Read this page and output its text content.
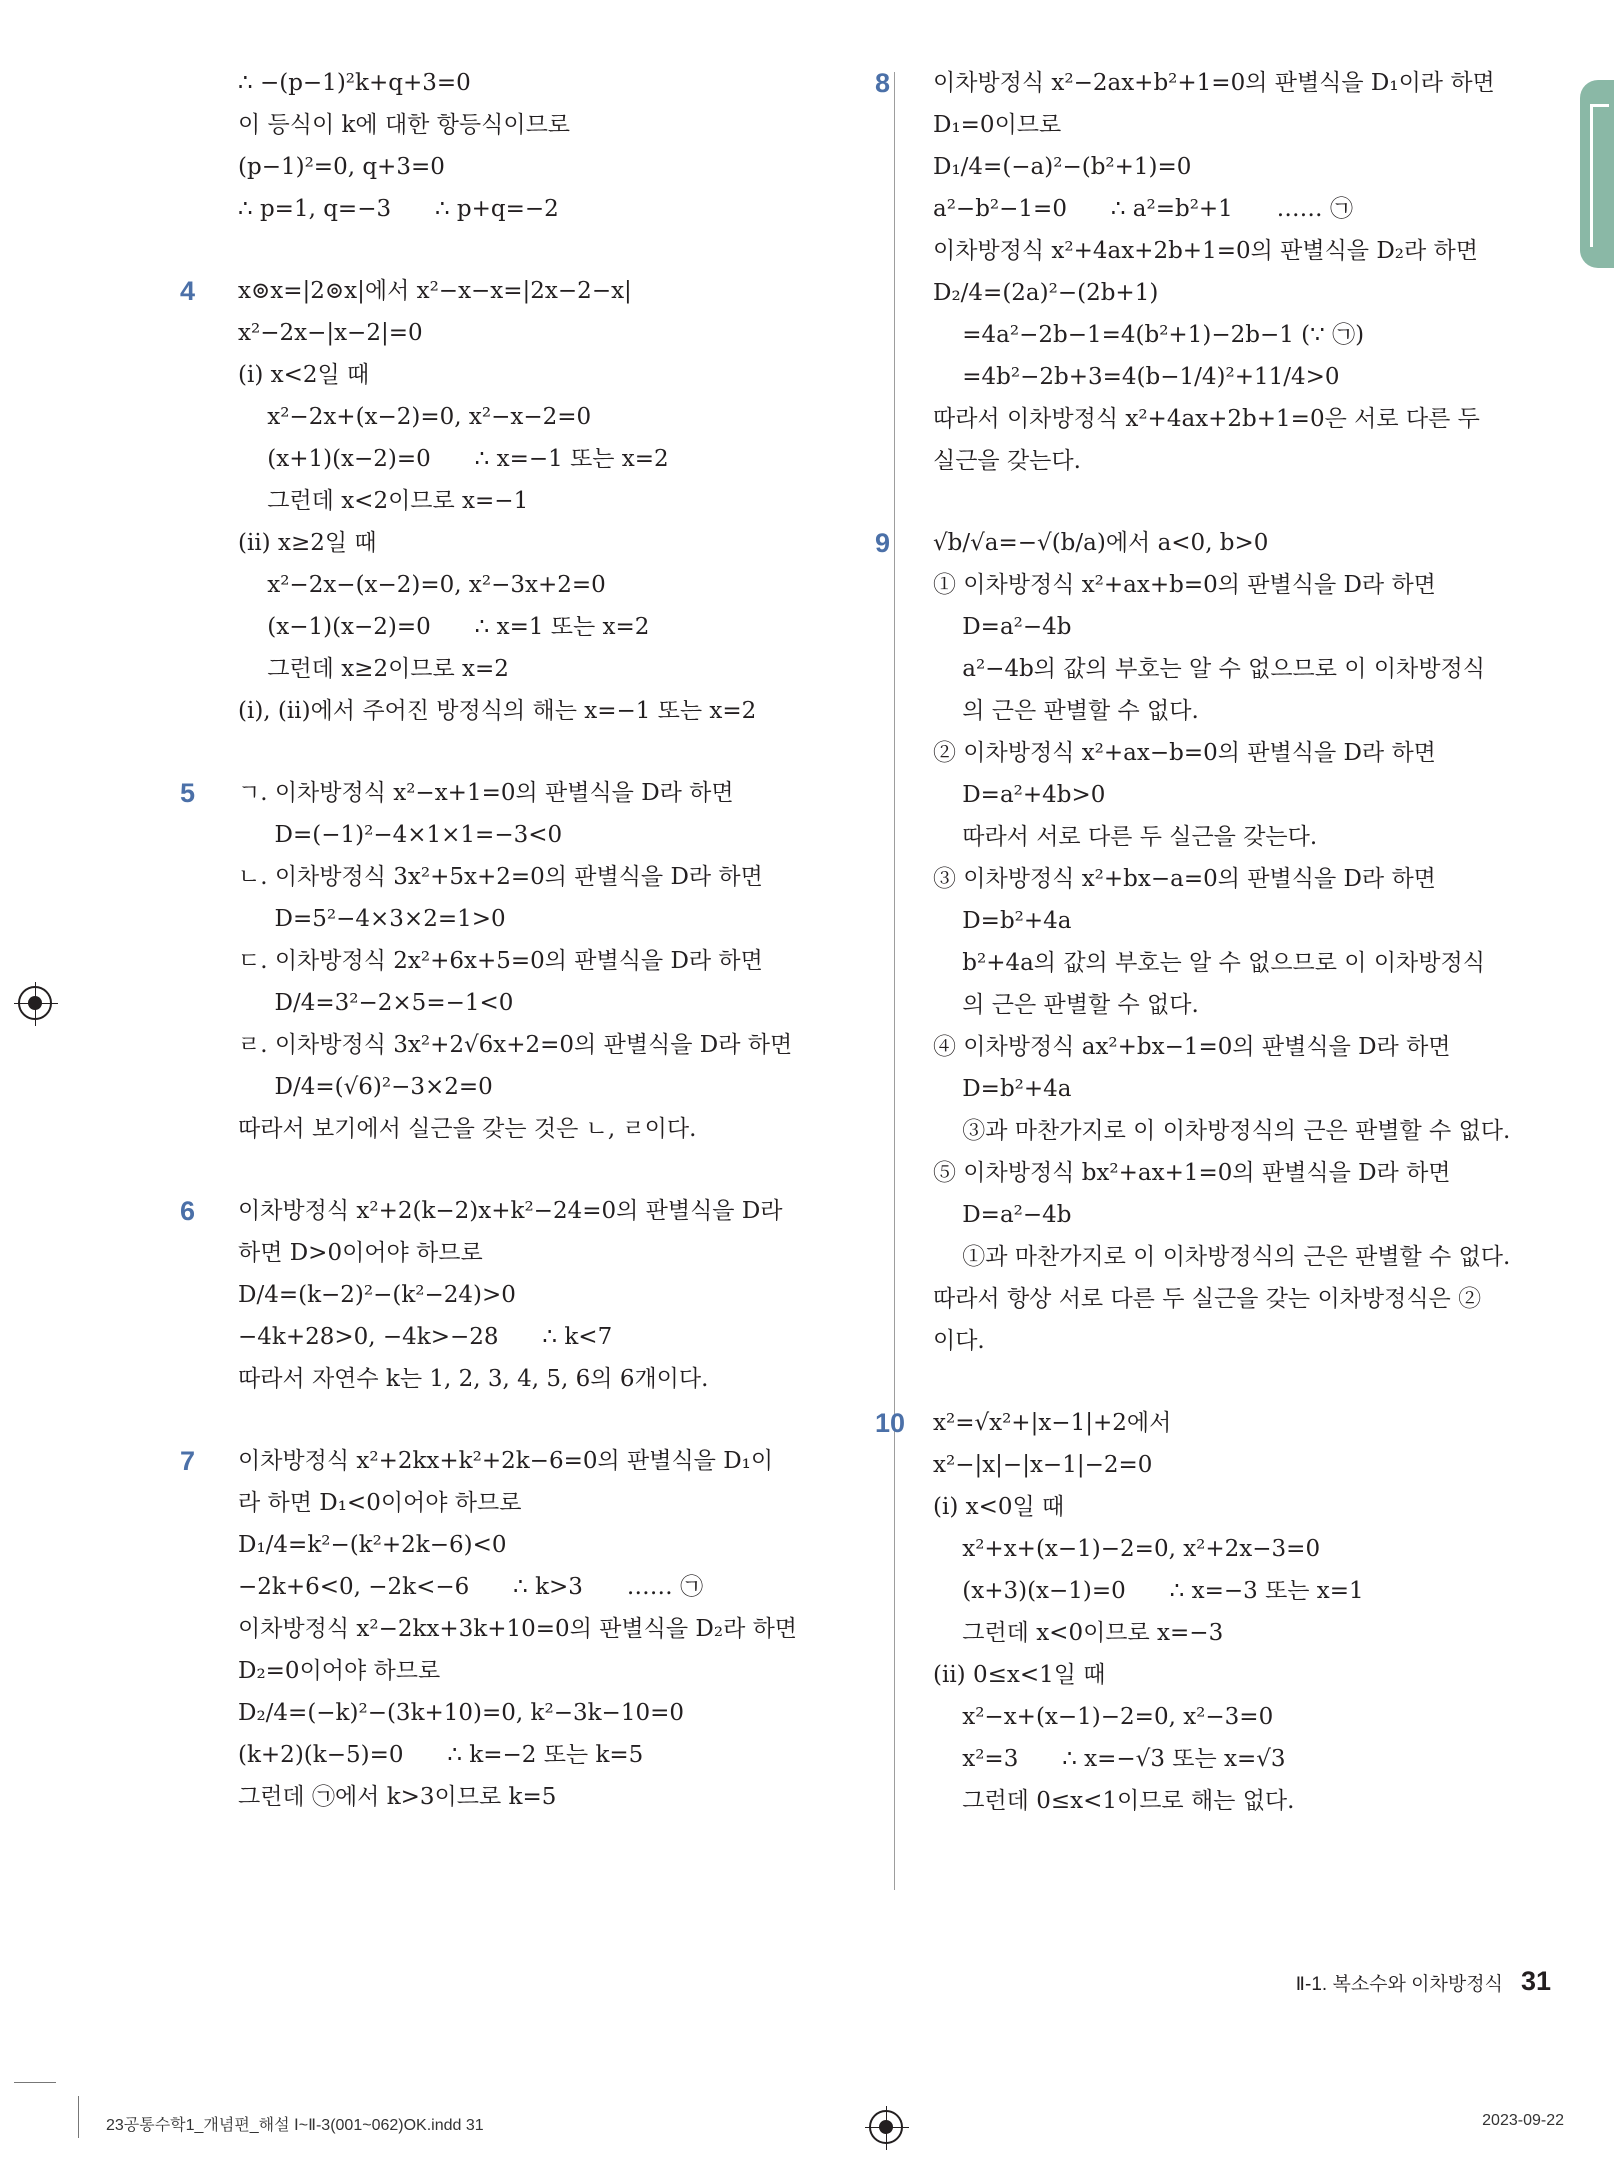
∴ −(p−1)²k+q+3=0
이 등식이 k에 대한 항등식이므로
(p−1)²=0, q+3=0
∴ p=1, q=−3      ∴ p+q=−2
4 x⊚x=|2⊚x|에서 x²−x−x=|2x−2−x|
x²−2x−|x−2|=0
(ⅰ) x<2일 때
x²−2x+(x−2)=0, x²−x−2=0
(x+1)(x−2)=0      ∴ x=−1 또는 x=2
그런데 x<2이므로 x=−1
(ⅱ) x≥2일 때
x²−2x−(x−2)=0, x²−3x+2=0
(x−1)(x−2)=0      ∴ x=1 또는 x=2
그런데 x≥2이므로 x=2
(ⅰ), (ⅱ)에서 주어진 방정식의 해는 x=−1 또는 x=2
5 ㄱ. 이차방정식 x²−x+1=0의 판별식을 D라 하면
D=(−1)²−4×1×1=−3<0
ㄴ. 이차방정식 3x²+5x+2=0의 판별식을 D라 하면
D=5²−4×3×2=1>0
ㄷ. 이차방정식 2x²+6x+5=0의 판별식을 D라 하면
D/4=3²−2×5=−1<0
ㄹ. 이차방정식 3x²+2√6x+2=0의 판별식을 D라 하면
D/4=(√6)²−3×2=0
따라서 보기에서 실근을 갖는 것은 ㄴ, ㄹ이다.
6 이차방정식 x²+2(k−2)x+k²−24=0의 판별식을 D라
하면 D>0이어야 하므로
D/4=(k−2)²−(k²−24)>0
−4k+28>0, −4k>−28      ∴ k<7
따라서 자연수 k는 1, 2, 3, 4, 5, 6의 6개이다.
7 이차방정식 x²+2kx+k²+2k−6=0의 판별식을 D₁이
라 하면 D₁<0이어야 하므로
D₁/4=k²−(k²+2k−6)<0
−2k+6<0, −2k<−6      ∴ k>3      …… ㉠
이차방정식 x²−2kx+3k+10=0의 판별식을 D₂라 하면
D₂=0이어야 하므로
D₂/4=(−k)²−(3k+10)=0, k²−3k−10=0
(k+2)(k−5)=0      ∴ k=−2 또는 k=5
그런데 ㉠에서 k>3이므로 k=5
8 이차방정식 x²−2ax+b²+1=0의 판별식을 D₁이라 하면
D₁=0이므로
D₁/4=(−a)²−(b²+1)=0
a²−b²−1=0      ∴ a²=b²+1      …… ㉠
이차방정식 x²+4ax+2b+1=0의 판별식을 D₂라 하면
D₂/4=(2a)²−(2b+1)
=4a²−2b−1=4(b²+1)−2b−1 (∵ ㉠)
=4b²−2b+3=4(b−1/4)²+11/4>0
따라서 이차방정식 x²+4ax+2b+1=0은 서로 다른 두
실근을 갖는다.
9 √b/√a=−√(b/a)에서 a<0, b>0
① 이차방정식 x²+ax+b=0의 판별식을 D라 하면
D=a²−4b
a²−4b의 값의 부호는 알 수 없으므로 이 이차방정식
의 근은 판별할 수 없다.
② 이차방정식 x²+ax−b=0의 판별식을 D라 하면
D=a²+4b>0
따라서 서로 다른 두 실근을 갖는다.
③ 이차방정식 x²+bx−a=0의 판별식을 D라 하면
D=b²+4a
b²+4a의 값의 부호는 알 수 없으므로 이 이차방정식
의 근은 판별할 수 없다.
④ 이차방정식 ax²+bx−1=0의 판별식을 D라 하면
D=b²+4a
③과 마찬가지로 이 이차방정식의 근은 판별할 수 없다.
⑤ 이차방정식 bx²+ax+1=0의 판별식을 D라 하면
D=a²−4b
①과 마찬가지로 이 이차방정식의 근은 판별할 수 없다.
따라서 항상 서로 다른 두 실근을 갖는 이차방정식은 ②
이다.
10 x²=√x²+|x−1|+2에서
x²−|x|−|x−1|−2=0
(ⅰ) x<0일 때
x²+x+(x−1)−2=0, x²+2x−3=0
(x+3)(x−1)=0      ∴ x=−3 또는 x=1
그런데 x<0이므로 x=−3
(ⅱ) 0≤x<1일 때
x²−x+(x−1)−2=0, x²−3=0
x²=3      ∴ x=−√3 또는 x=√3
그런데 0≤x<1이므로 해는 없다.
Ⅱ-1. 복소수와 이차방정식 31
23공통수학1_개념편_해설 Ⅰ~Ⅱ-3(001~062)OK.indd 31	2023-09-22
